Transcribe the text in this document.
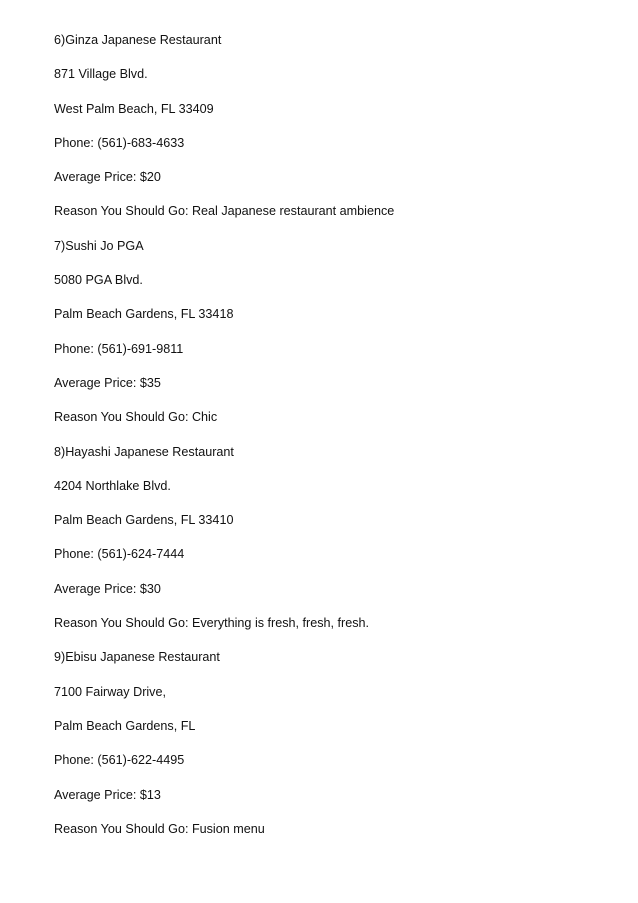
6)Ginza Japanese Restaurant
871 Village Blvd.
West Palm Beach, FL 33409
Phone: (561)-683-4633
Average Price: $20
Reason You Should Go: Real Japanese restaurant ambience
7)Sushi Jo PGA
5080 PGA Blvd.
Palm Beach Gardens, FL 33418
Phone: (561)-691-9811
Average Price: $35
Reason You Should Go: Chic
8)Hayashi Japanese Restaurant
4204 Northlake Blvd.
Palm Beach Gardens, FL 33410
Phone: (561)-624-7444
Average Price: $30
Reason You Should Go: Everything is fresh, fresh, fresh.
9)Ebisu Japanese Restaurant
7100 Fairway Drive,
Palm Beach Gardens, FL
Phone: (561)-622-4495
Average Price: $13
Reason You Should Go: Fusion menu
